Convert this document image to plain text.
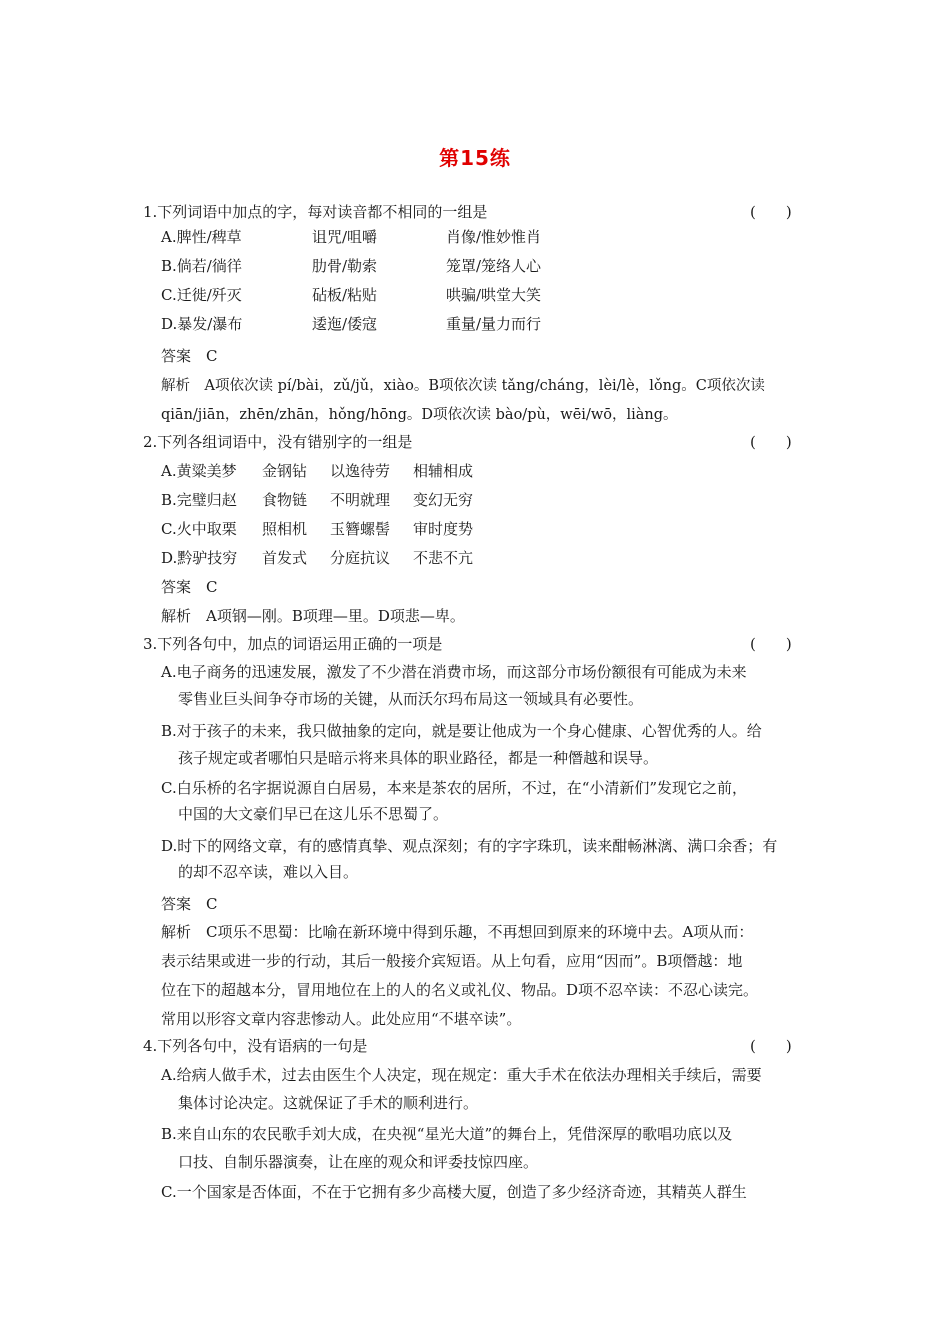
第15练
1.下列词语中加点的字，每对读音都不相同的一组是	(　　)
A.脾性/稗草	诅咒/咀嚼	肖像/惟妙惟肖
B.倘若/徜徉	肋骨/勒索	笼罩/笼络人心
C.迁徙/歼灭	砧板/粘贴	哄骗/哄堂大笑
D.暴发/瀑布	逶迤/倭寇	重量/量力而行
答案　C
解析　A项依次读 pí/bài，zǔ/jǔ，xiào。B项依次读 tǎng/cháng，lèi/lè，lǒng。C项依次读
qiān/jiān，zhēn/zhān，hǒng/hōng。D项依次读 bào/pù，wēi/wō，liàng。
2.下列各组词语中，没有错别字的一组是	(　　)
A.黄粱美梦 金钢钻 以逸待劳 相辅相成
B.完璧归赵 食物链 不明就理 变幻无穷
C.火中取栗 照相机 玉簪螺髻 审时度势
D.黔驴技穷 首发式 分庭抗议 不悲不亢
答案　C
解析　A项钢—刚。B项理—里。D项悲—卑。
3.下列各句中，加点的词语运用正确的一项是	(　　)
A.电子商务的迅速发展，激发了不少潜在消费市场，而这部分市场份额很有可能成为未来
零售业巨头间争夺市场的关键，从而沃尔玛布局这一领域具有必要性。
B.对于孩子的未来，我只做抽象的定向，就是要让他成为一个身心健康、心智优秀的人。给
孩子规定或者哪怕只是暗示将来具体的职业路径，都是一种僭越和误导。
C.白乐桥的名字据说源自白居易，本来是茶农的居所，不过，在“小清新们”发现它之前，
中国的大文豪们早已在这儿乐不思蜀了。
D.时下的网络文章，有的感情真挚、观点深刻；有的字字珠玑，读来酣畅淋漓、满口余香；有
的却不忍卒读，难以入目。
答案　C
解析　C项乐不思蜀：比喻在新环境中得到乐趣，不再想回到原来的环境中去。A项从而：
表示结果或进一步的行动，其后一般接介宾短语。从上句看，应用“因而”。B项僭越：地
位在下的超越本分，冒用地位在上的人的名义或礼仪、物品。D项不忍卒读：不忍心读完。
常用以形容文章内容悲惨动人。此处应用“不堪卒读”。
4.下列各句中，没有语病的一句是	(　　)
A.给病人做手术，过去由医生个人决定，现在规定：重大手术在依法办理相关手续后，需要
集体讨论决定。这就保证了手术的顺利进行。
B.来自山东的农民歌手刘大成，在央视“星光大道”的舞台上，凭借深厚的歌唱功底以及
口技、自制乐器演奏，让在座的观众和评委技惊四座。
C.一个国家是否体面，不在于它拥有多少高楼大厦，创造了多少经济奇迹，其精英人群生
